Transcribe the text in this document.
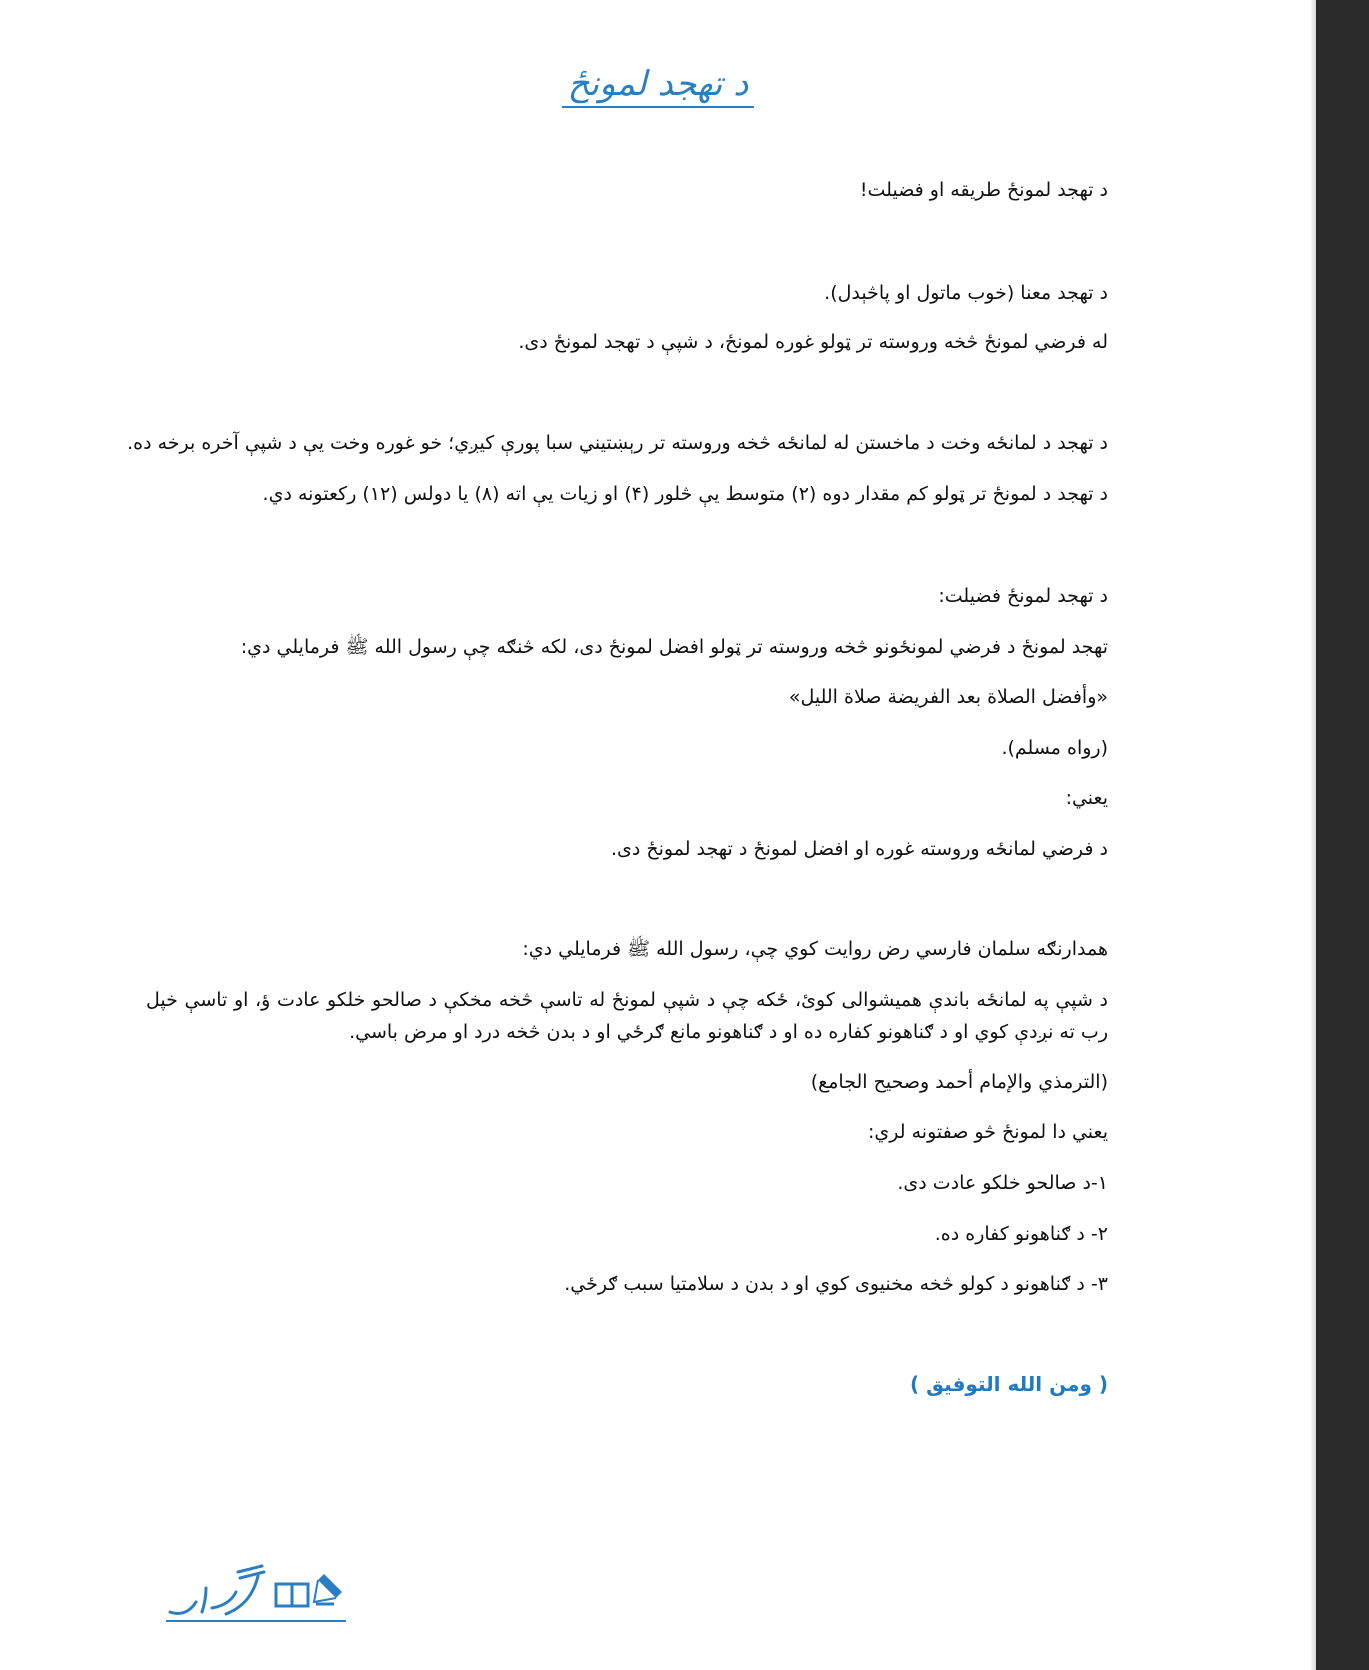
د تهجد لمونځ

د تهجد لمونځ طریقه او فضیلت!

د تهجد معنا (خوب ماتول او پاڅېدل).

له فرضي لمونځ څخه وروسته تر ټولو غوره لمونځ، د شپې د تهجد لمونځ دی.

د تهجد د لمانځه وخت د ماخستن له لمانځه څخه وروسته تر رېښتيني سبا پورې کيږي؛ خو غوره وخت يې د شپې آخره برخه ده.

د تهجد د لمونځ تر ټولو کم مقدار دوه (۲) متوسط يې څلور (۴) او زيات يې اته (۸) يا دولس (۱۲) رکعتونه دي.

د تهجد لمونځ فضيلت:

تهجد لمونځ د فرضي لمونځونو څخه وروسته تر ټولو افضل لمونځ دی، لکه څنګه چې رسول الله ﷺ فرمايلي دي:

«وأفضل الصلاة بعد الفريضة صلاة الليل»

(رواه مسلم).

يعني:

د فرضي لمانځه وروسته غوره او افضل لمونځ د تهجد لمونځ دی.

همدارنګه سلمان فارسي رض روايت کوي چې، رسول الله ﷺ فرمايلي دي:

د شپې په لمانځه باندې هميشوالی کوئ، ځکه چې د شپې لمونځ له تاسې څخه مخکې د صالحو خلکو عادت ؤ، او تاسې خپل رب ته نږدې کوي او د ګناهونو کفاره ده او د ګناهونو مانع ګرځي او د بدن څخه درد او مرض باسي.

(الترمذي والإمام أحمد وصحيح الجامع)

يعني دا لمونځ څو صفتونه لري:

۱-د صالحو خلکو عادت دی.

۲- د ګناهونو کفاره ده.

۳- د ګناهونو د کولو څخه مخنيوی کوي او د بدن د سلامتيا سبب ګرځي.

( ومن الله التوفيق )
